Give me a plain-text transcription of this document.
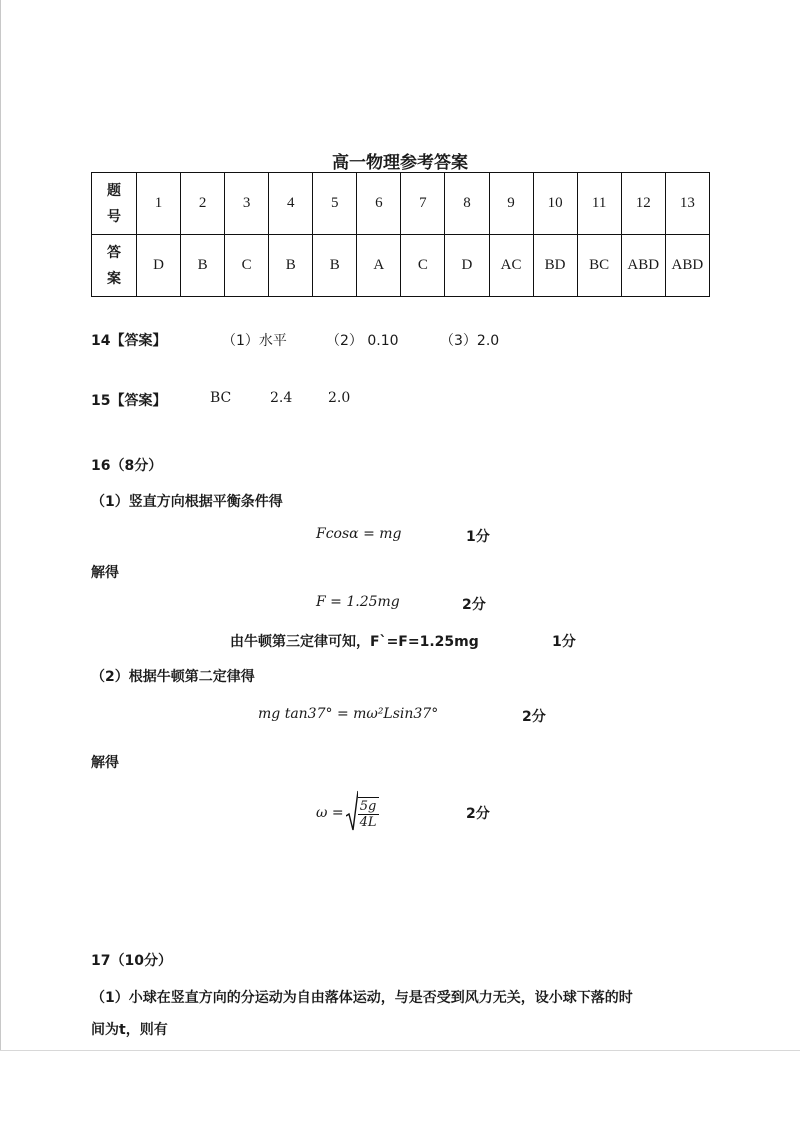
高一物理参考答案
题号	1	2	3	4	5	6	7	8	9	10	11	12	13
答案	D	B	C	B	B	A	C	D	AC	BD	BC	ABD	ABD
14【答案】	（1）水平	（2） 0.10	（3）2.0
15【答案】	BC	2.4	2.0
16（8分）
（1）竖直方向根据平衡条件得
Fcosα = mg	1分
解得
F = 1.25mg	2分
由牛顿第三定律可知，F`=F=1.25mg	1分
（2）根据牛顿第二定律得
mg tan37° = mω²Lsin37°	2分
解得
$\omega = \frac{5g}{4L}$	2分
17（10分）
（1）小球在竖直方向的分运动为自由落体运动，与是否受到风力无关，设小球下落的时
间为t，则有
